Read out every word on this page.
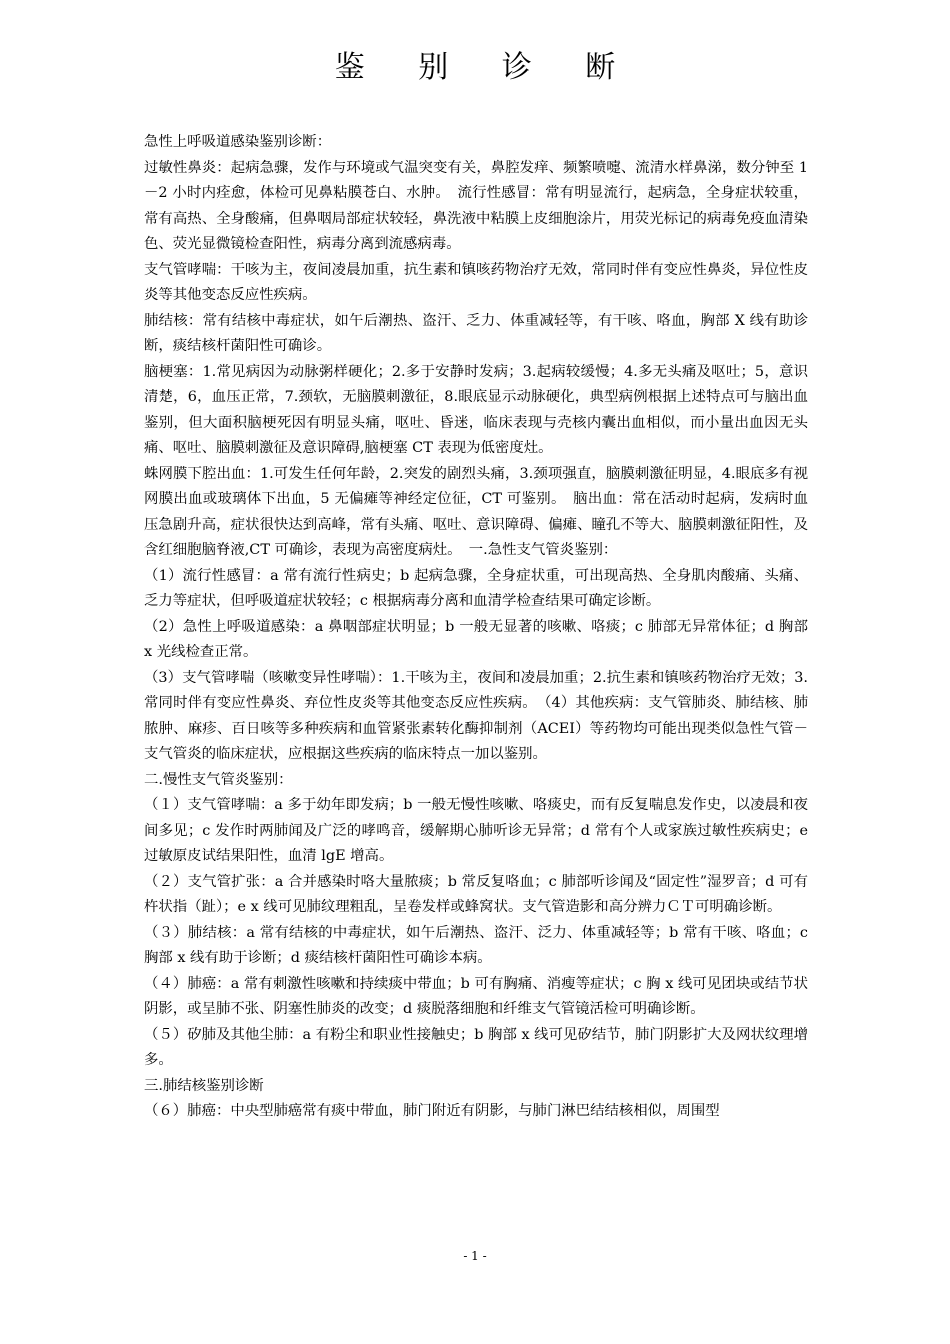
鉴 别 诊 断

急性上呼吸道感染鉴别诊断：

过敏性鼻炎：起病急骤，发作与环境或气温突变有关，鼻腔发痒、频繁喷嚏、流清水样鼻涕，数分钟至 1－2 小时内痊愈，体检可见鼻粘膜苍白、水肿。　流行性感冒：常有明显流行，起病急，全身症状较重，常有高热、全身酸痛，但鼻咽局部症状较轻，鼻洗液中粘膜上皮细胞涂片，用荧光标记的病毒免疫血清染色、荧光显微镜检查阳性，病毒分离到流感病毒。

支气管哮喘：干咳为主，夜间凌晨加重，抗生素和镇咳药物治疗无效，常同时伴有变应性鼻炎，异位性皮炎等其他变态反应性疾病。

肺结核：常有结核中毒症状，如午后潮热、盗汗、乏力、体重减轻等，有干咳、咯血，胸部 X 线有助诊断，痰结核杆菌阳性可确诊。

脑梗塞：1.常见病因为动脉粥样硬化；2.多于安静时发病；3.起病较缓慢；4.多无头痛及呕吐；5，意识清楚，6，血压正常，7.颈软，无脑膜刺激征，8.眼底显示动脉硬化，典型病例根据上述特点可与脑出血鉴别，但大面积脑梗死因有明显头痛，呕吐、昏迷，临床表现与壳核内囊出血相似，而小量出血因无头痛、呕吐、脑膜刺激征及意识障碍,脑梗塞 CT 表现为低密度灶。

蛛网膜下腔出血：1.可发生任何年龄，2.突发的剧烈头痛，3.颈项强直，脑膜刺激征明显，4.眼底多有视网膜出血或玻璃体下出血，5 无偏瘫等神经定位征，CT 可鉴别。　脑出血：常在活动时起病，发病时血压急剧升高，症状很快达到高峰，常有头痛、呕吐、意识障碍、偏瘫、瞳孔不等大、脑膜刺激征阳性，及含红细胞脑脊液,CT 可确诊，表现为高密度病灶。　一.急性支气管炎鉴别：

（1）流行性感冒：a 常有流行性病史；b 起病急骤，全身症状重，可出现高热、全身肌肉酸痛、头痛、乏力等症状，但呼吸道症状较轻；c 根据病毒分离和血清学检查结果可确定诊断。

（2）急性上呼吸道感染：a 鼻咽部症状明显；b 一般无显著的咳嗽、咯痰；c 肺部无异常体征；d 胸部 x 光线检查正常。

（3）支气管哮喘（咳嗽变异性哮喘）：1.干咳为主，夜间和凌晨加重；2.抗生素和镇咳药物治疗无效；3.常同时伴有变应性鼻炎、弃位性皮炎等其他变态反应性疾病。　（4）其他疾病：支气管肺炎、肺结核、肺脓肿、麻疹、百日咳等多种疾病和血管紧张素转化酶抑制剂（ACEI）等药物均可能出现类似急性气管－支气管炎的临床症状，应根据这些疾病的临床特点一加以鉴别。

二.慢性支气管炎鉴别：

（１）支气管哮喘：a 多于幼年即发病；b 一般无慢性咳嗽、咯痰史，而有反复喘息发作史，以凌晨和夜间多见；c 发作时两肺闻及广泛的哮鸣音，缓解期心肺听诊无异常；d 常有个人或家族过敏性疾病史；e 过敏原皮试结果阳性，血清 lgE 增高。

（２）支气管扩张：a 合并感染时咯大量脓痰；b 常反复咯血；c 肺部听诊闻及“固定性”湿罗音；d 可有杵状指（趾）；e x 线可见肺纹理粗乱，呈卷发样或蜂窝状。支气管造影和高分辨力ＣＴ可明确诊断。

（３）肺结核：a 常有结核的中毒症状，如午后潮热、盗汗、泛力、体重减轻等；b 常有干咳、咯血；c 胸部 x 线有助于诊断；d 痰结核杆菌阳性可确诊本病。

（４）肺癌：a 常有刺激性咳嗽和持续痰中带血；b 可有胸痛、消瘦等症状；c 胸 x 线可见团块或结节状阴影，或呈肺不张、阴塞性肺炎的改变；d 痰脱落细胞和纤维支气管镜活检可明确诊断。

（５）矽肺及其他尘肺：a 有粉尘和职业性接触史；b 胸部 x 线可见矽结节，肺门阴影扩大及网状纹理增多。

三.肺结核鉴别诊断

（６）肺癌：中央型肺癌常有痰中带血，肺门附近有阴影，与肺门淋巴结结核相似，周围型

- 1 -
